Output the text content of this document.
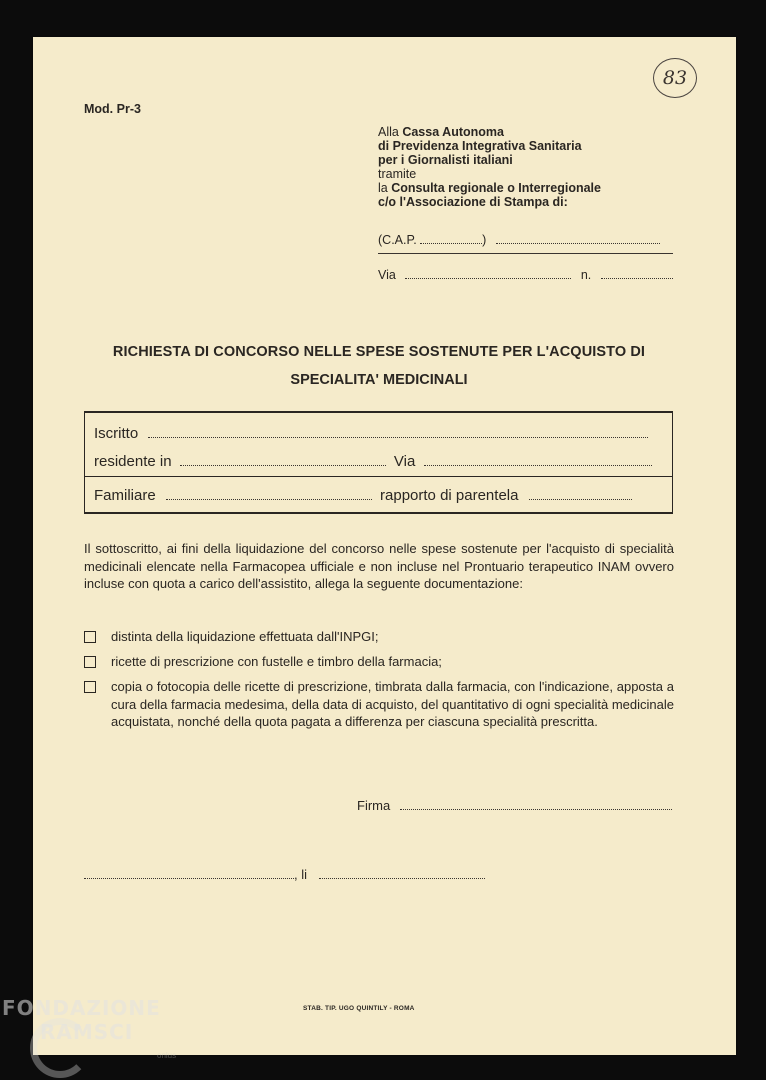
Mod. Pr-3
83
Alla Cassa Autonoma
di Previdenza Integrativa Sanitaria
per i Giornalisti italiani
tramite
la Consulta regionale o Interregionale
c/o l'Associazione di Stampa di:
(C.A.P.	)
Via	n.
RICHIESTA DI CONCORSO NELLE SPESE SOSTENUTE PER L'ACQUISTO DI
SPECIALITA' MEDICINALI
Iscritto
residente in	Via
Familiare	rapporto di parentela
Il sottoscritto, ai fini della liquidazione del concorso nelle spese sostenute per l'acquisto di specialità medicinali elencate nella Farmacopea ufficiale e non incluse nel Prontuario terapeutico INAM ovvero incluse con quota a carico dell'assistito, allega la seguente documentazione:
distinta della liquidazione effettuata dall'INPGI;
ricette di prescrizione con fustelle e timbro della farmacia;
copia o fotocopia delle ricette di prescrizione, timbrata dalla farmacia, con l'indicazione, apposta a cura della farmacia medesima, della data di acquisto, del quantitativo di ogni specialità medicinale acquistata, nonché della quota pagata a differenza per ciascuna specialità prescritta.
Firma
, li
STAB. TIP. UGO QUINTILY - ROMA
FONDAZIONE
RAMSCI
onlus
